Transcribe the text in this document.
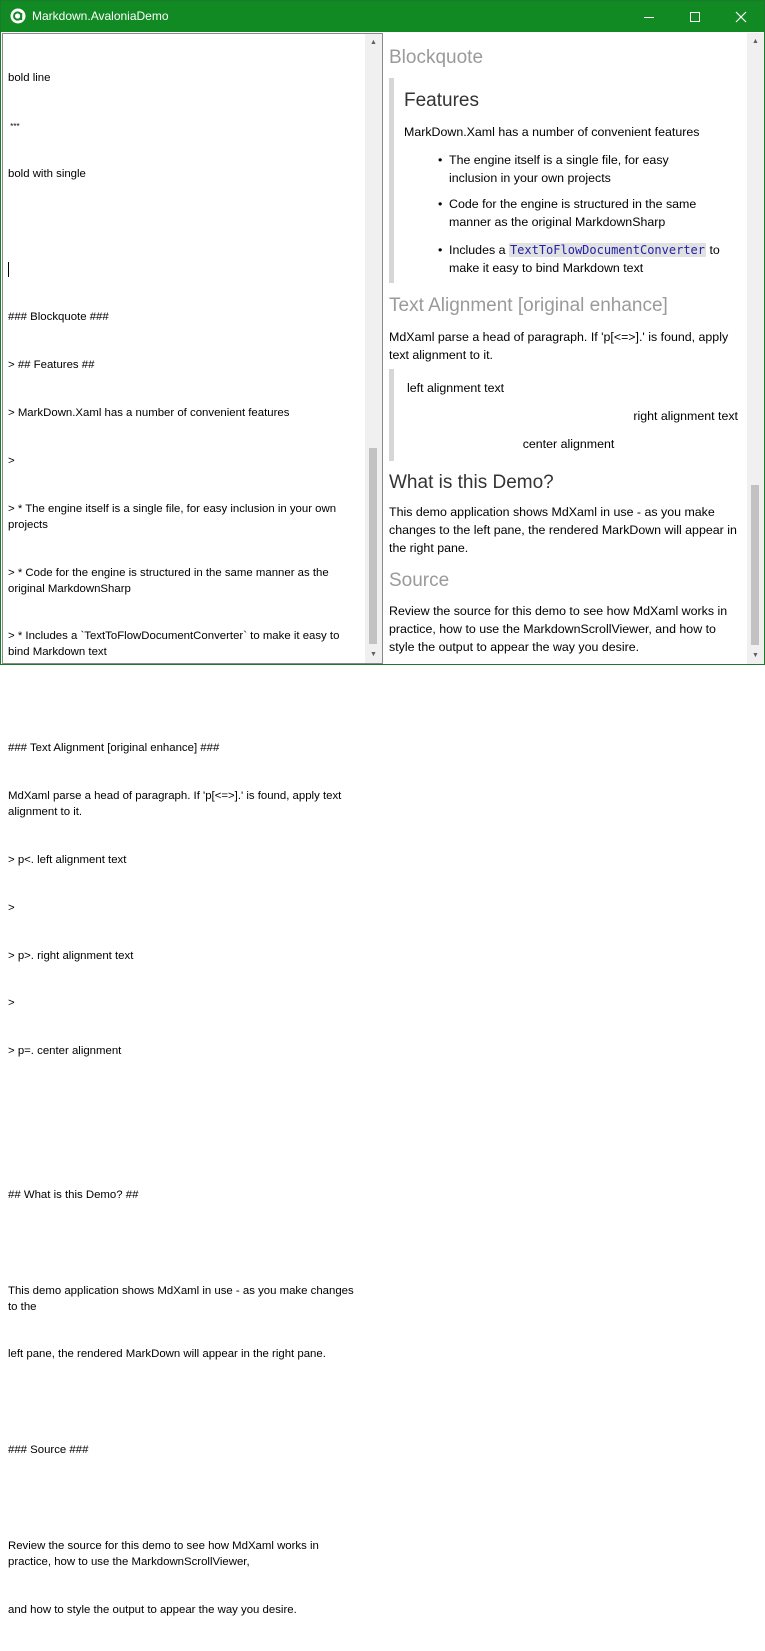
Markdown.AvaloniaDemo

bold line

***

bold with single

### Blockquote ###

> ## Features ##

> MarkDown.Xaml has a number of convenient features

>

> * The engine itself is a single file, for easy inclusion in your own projects

> * Code for the engine is structured in the same manner as the original MarkdownSharp

> * Includes a `TextToFlowDocumentConverter` to make it easy to bind Markdown text

### Text Alignment [original enhance] ###

MdXaml parse a head of paragraph. If 'p[<=>].' is found, apply text alignment to it.

> p<. left alignment text

>

> p>. right alignment text

>

> p=. center alignment

## What is this Demo? ##

This demo application shows MdXaml in use - as you make changes to the

left pane, the rendered MarkDown will appear in the right pane.

### Source ###

Review the source for this demo to see how MdXaml works in practice, how to use the MarkdownScrollViewer,

and how to style the output to appear the way you desire.

▲
▼
Blockquote
Features
MarkDown.Xaml has a number of convenient features
• The engine itself is a single file, for easy inclusion in your own projects
• Code for the engine is structured in the same manner as the original MarkdownSharp
• Includes a TextToFlowDocumentConverter to make it easy to bind Markdown text
Text Alignment [original enhance]
MdXaml parse a head of paragraph. If 'p[<=>].' is found, apply text alignment to it.
left alignment text
right alignment text
center alignment
What is this Demo?
This demo application shows MdXaml in use - as you make changes to the left pane, the rendered MarkDown will appear in the right pane.
Source
Review the source for this demo to see how MdXaml works in practice, how to use the MarkdownScrollViewer, and how to style the output to appear the way you desire.
▲
▼
